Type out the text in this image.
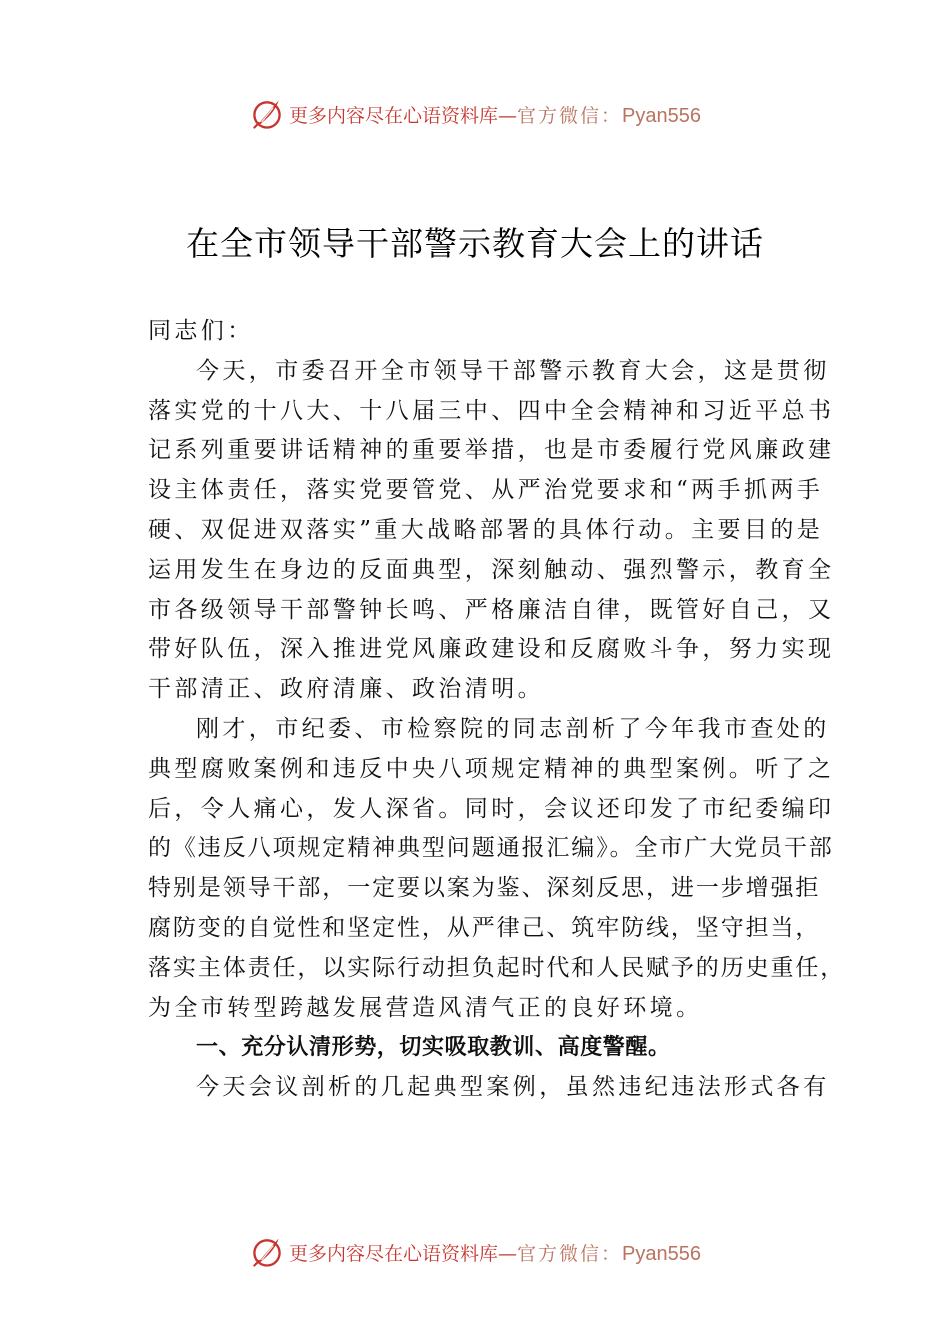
更多内容尽在心语资料库—官方微信：Pyan556
在全市领导干部警示教育大会上的讲话
同志们：
今天，市委召开全市领导干部警示教育大会，这是贯彻
落实党的十八大、十八届三中、四中全会精神和习近平总书
记系列重要讲话精神的重要举措，也是市委履行党风廉政建
设主体责任，落实党要管党、从严治党要求和“两手抓两手
硬、双促进双落实”重大战略部署的具体行动。主要目的是
运用发生在身边的反面典型，深刻触动、强烈警示，教育全
市各级领导干部警钟长鸣、严格廉洁自律，既管好自己，又
带好队伍，深入推进党风廉政建设和反腐败斗争，努力实现
干部清正、政府清廉、政治清明。
刚才，市纪委、市检察院的同志剖析了今年我市查处的
典型腐败案例和违反中央八项规定精神的典型案例。听了之
后，令人痛心，发人深省。同时，会议还印发了市纪委编印
的《违反八项规定精神典型问题通报汇编》。全市广大党员干部
特别是领导干部，一定要以案为鉴、深刻反思，进一步增强拒
腐防变的自觉性和坚定性，从严律己、筑牢防线，坚守担当，
落实主体责任，以实际行动担负起时代和人民赋予的历史重任，
为全市转型跨越发展营造风清气正的良好环境。
一、充分认清形势，切实吸取教训、高度警醒。
今天会议剖析的几起典型案例，虽然违纪违法形式各有
更多内容尽在心语资料库—官方微信：Pyan556
